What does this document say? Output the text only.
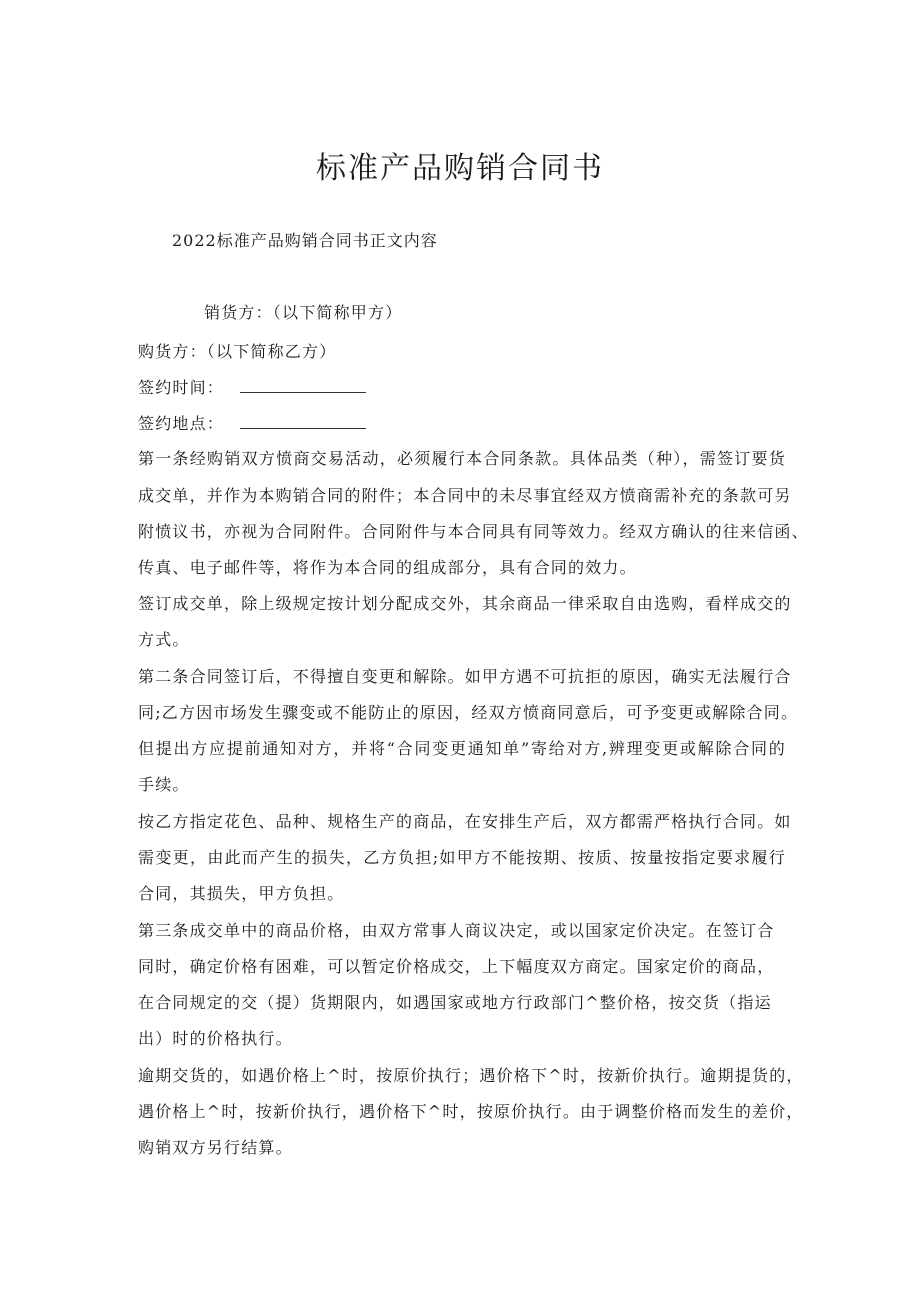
标准产品购销合同书
2022标准产品购销合同书正文内容
销货方：（以下简称甲方）
购货方：（以下简称乙方）
签约时间：
签约地点：
第一条经购销双方愤商交易活动，必须履行本合同条款。具体品类（种），需签订要货
成交单，并作为本购销合同的附件；本合同中的未尽事宜经双方愤商需补充的条款可另
附愤议书，亦视为合同附件。合同附件与本合同具有同等效力。经双方确认的往来信函、
传真、电子邮件等，将作为本合同的组成部分，具有合同的效力。
签订成交单，除上级规定按计划分配成交外，其余商品一律采取自由选购，看样成交的
方式。
第二条合同签订后，不得擅自变更和解除。如甲方遇不可抗拒的原因，确实无法履行合
同;乙方因市场发生骤变或不能防止的原因，经双方愤商同意后，可予变更或解除合同。
但提出方应提前通知对方，并将“合同变更通知单”寄给对方,辨理变更或解除合同的
手续。
按乙方指定花色、品种、规格生产的商品，在安排生产后，双方都需严格执行合同。如
需变更，由此而产生的损失，乙方负担;如甲方不能按期、按质、按量按指定要求履行
合同，其损失，甲方负担。
第三条成交单中的商品价格，由双方常事人商议决定，或以国家定价决定。在签订合
同时，确定价格有困难，可以暂定价格成交，上下幅度双方商定。国家定价的商品，
在合同规定的交（提）货期限内，如遇国家或地方行政部门^整价格，按交货（指运
出）时的价格执行。
逾期交货的，如遇价格上^时，按原价执行；遇价格下^时，按新价执行。逾期提货的，
遇价格上^时，按新价执行，遇价格下^时，按原价执行。由于调整价格而发生的差价，
购销双方另行结算。
